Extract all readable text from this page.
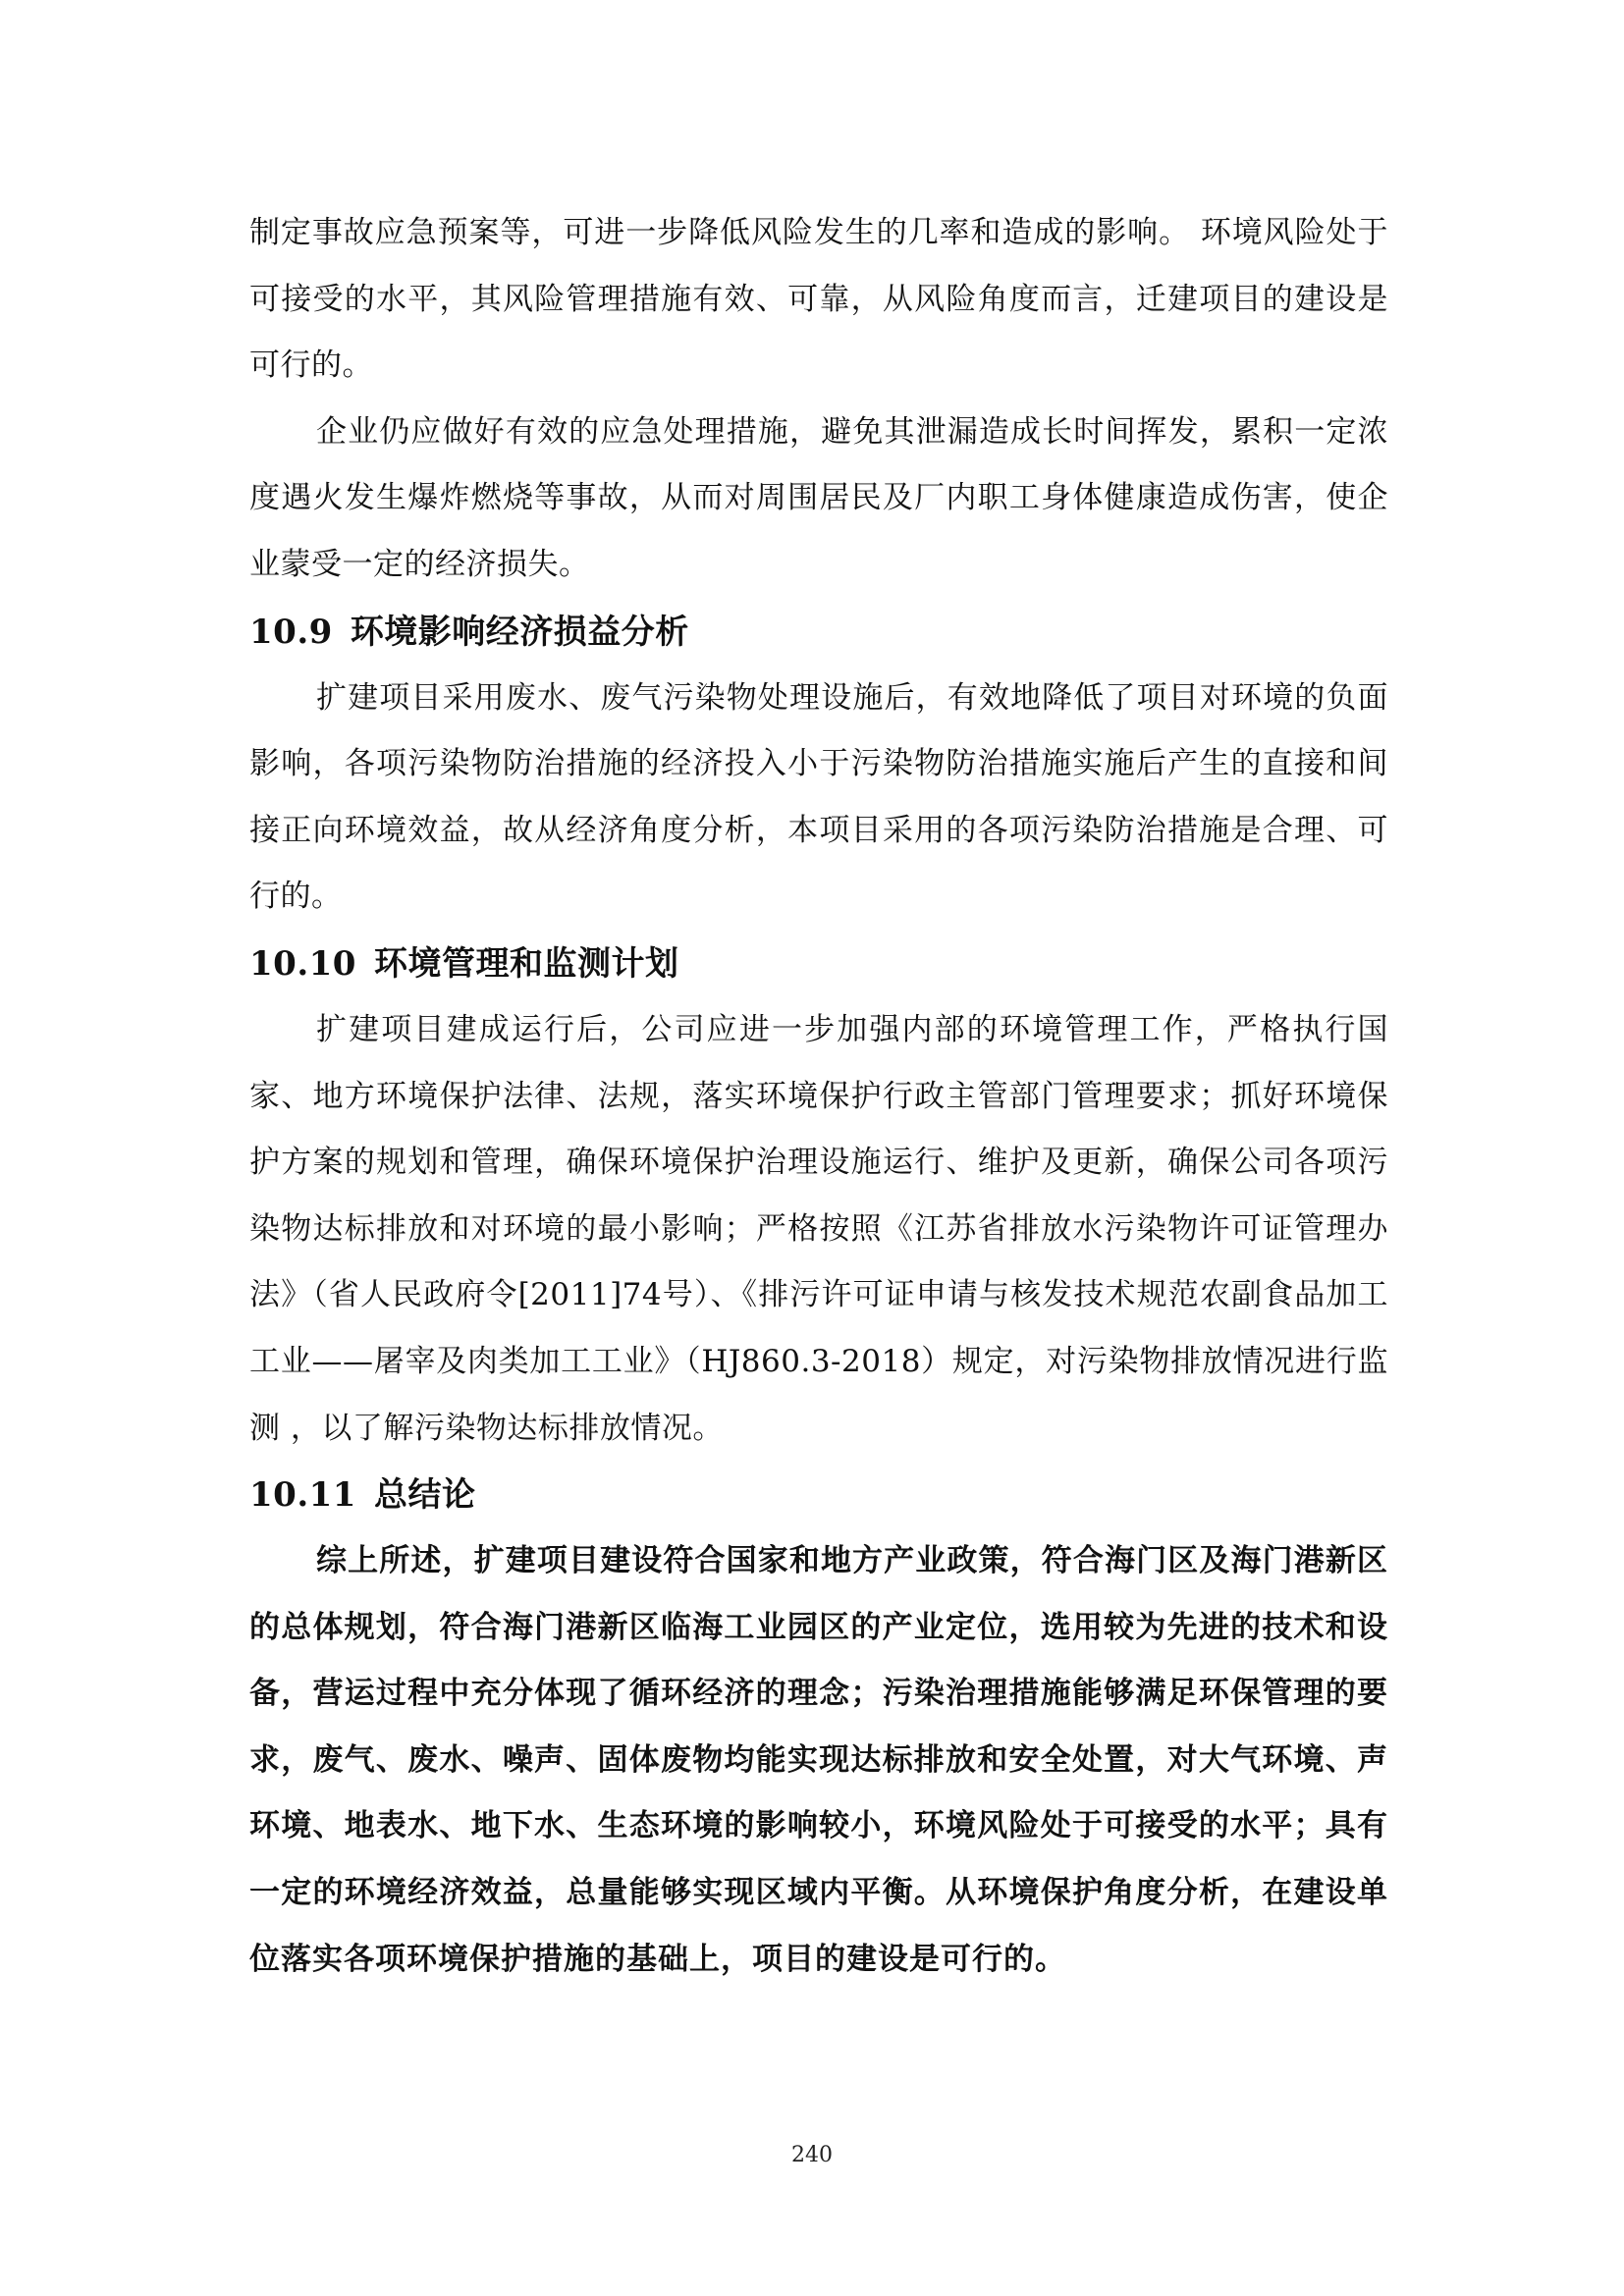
制定事故应急预案等，可进一步降低风险发生的几率和造成的影响。 环境风险处于可接受的水平，其风险管理措施有效、可靠，从风险角度而言，迁建项目的建设是可行的。

企业仍应做好有效的应急处理措施，避免其泄漏造成长时间挥发，累积一定浓度遇火发生爆炸燃烧等事故，从而对周围居民及厂内职工身体健康造成伤害，使企业蒙受一定的经济损失。

10.9 环境影响经济损益分析

扩建项目采用废水、废气污染物处理设施后，有效地降低了项目对环境的负面影响，各项污染物防治措施的经济投入小于污染物防治措施实施后产生的直接和间接正向环境效益，故从经济角度分析，本项目采用的各项污染防治措施是合理、可行的。

10.10 环境管理和监测计划

扩建项目建成运行后，公司应进一步加强内部的环境管理工作，严格执行国家、地方环境保护法律、法规，落实环境保护行政主管部门管理要求；抓好环境保护方案的规划和管理，确保环境保护治理设施运行、维护及更新，确保公司各项污染物达标排放和对环境的最小影响；严格按照《江苏省排放水污染物许可证管理办法》（省人民政府令[2011]74号）、《排污许可证申请与核发技术规范农副食品加工工业——屠宰及肉类加工工业》（HJ860.3-2018）规定，对污染物排放情况进行监测 ，以了解污染物达标排放情况。

10.11 总结论

综上所述，扩建项目建设符合国家和地方产业政策，符合海门区及海门港新区的总体规划，符合海门港新区临海工业园区的产业定位，选用较为先进的技术和设备，营运过程中充分体现了循环经济的理念；污染治理措施能够满足环保管理的要求，废气、废水、噪声、固体废物均能实现达标排放和安全处置，对大气环境、声环境、地表水、地下水、生态环境的影响较小，环境风险处于可接受的水平；具有一定的环境经济效益，总量能够实现区域内平衡。从环境保护角度分析，在建设单位落实各项环境保护措施的基础上，项目的建设是可行的。

240
